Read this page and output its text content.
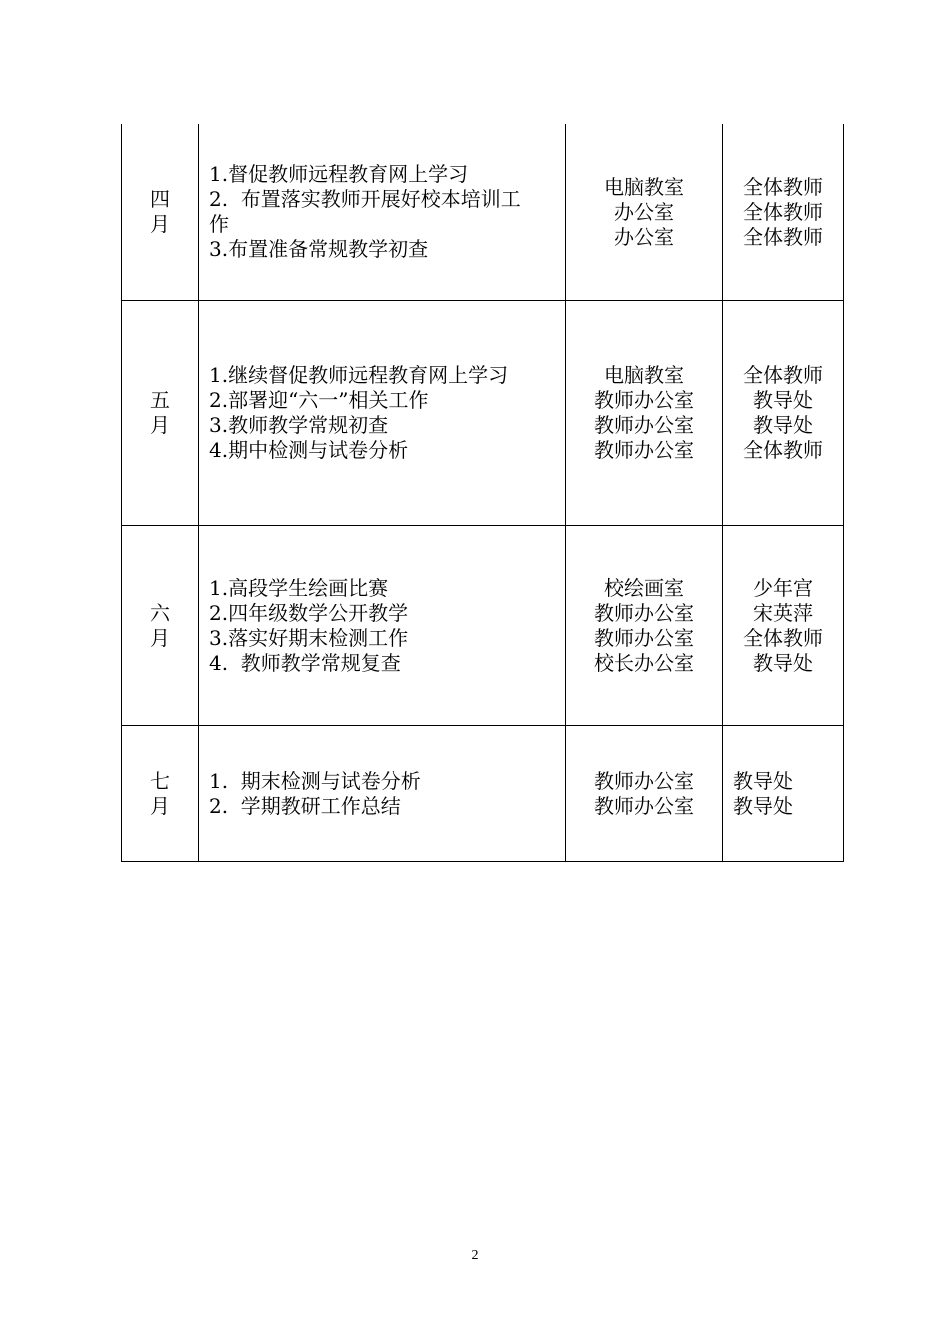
四
月
1.督促教师远程教育网上学习
2.  布置落实教师开展好校本培训工
作
3.布置准备常规教学初查
电脑教室
办公室
办公室
全体教师
全体教师
全体教师
五
月
1.继续督促教师远程教育网上学习
2.部署迎“六一”相关工作
3.教师教学常规初查
4.期中检测与试卷分析
电脑教室
教师办公室
教师办公室
教师办公室
全体教师
教导处
教导处
全体教师
六
月
1.高段学生绘画比赛
2.四年级数学公开教学
3.落实好期末检测工作
4.  教师教学常规复查
校绘画室
教师办公室
教师办公室
校长办公室
少年宫
宋英萍
全体教师
教导处
七
月
1.  期末检测与试卷分析
2.  学期教研工作总结
教师办公室
教师办公室
教导处
教导处
2
